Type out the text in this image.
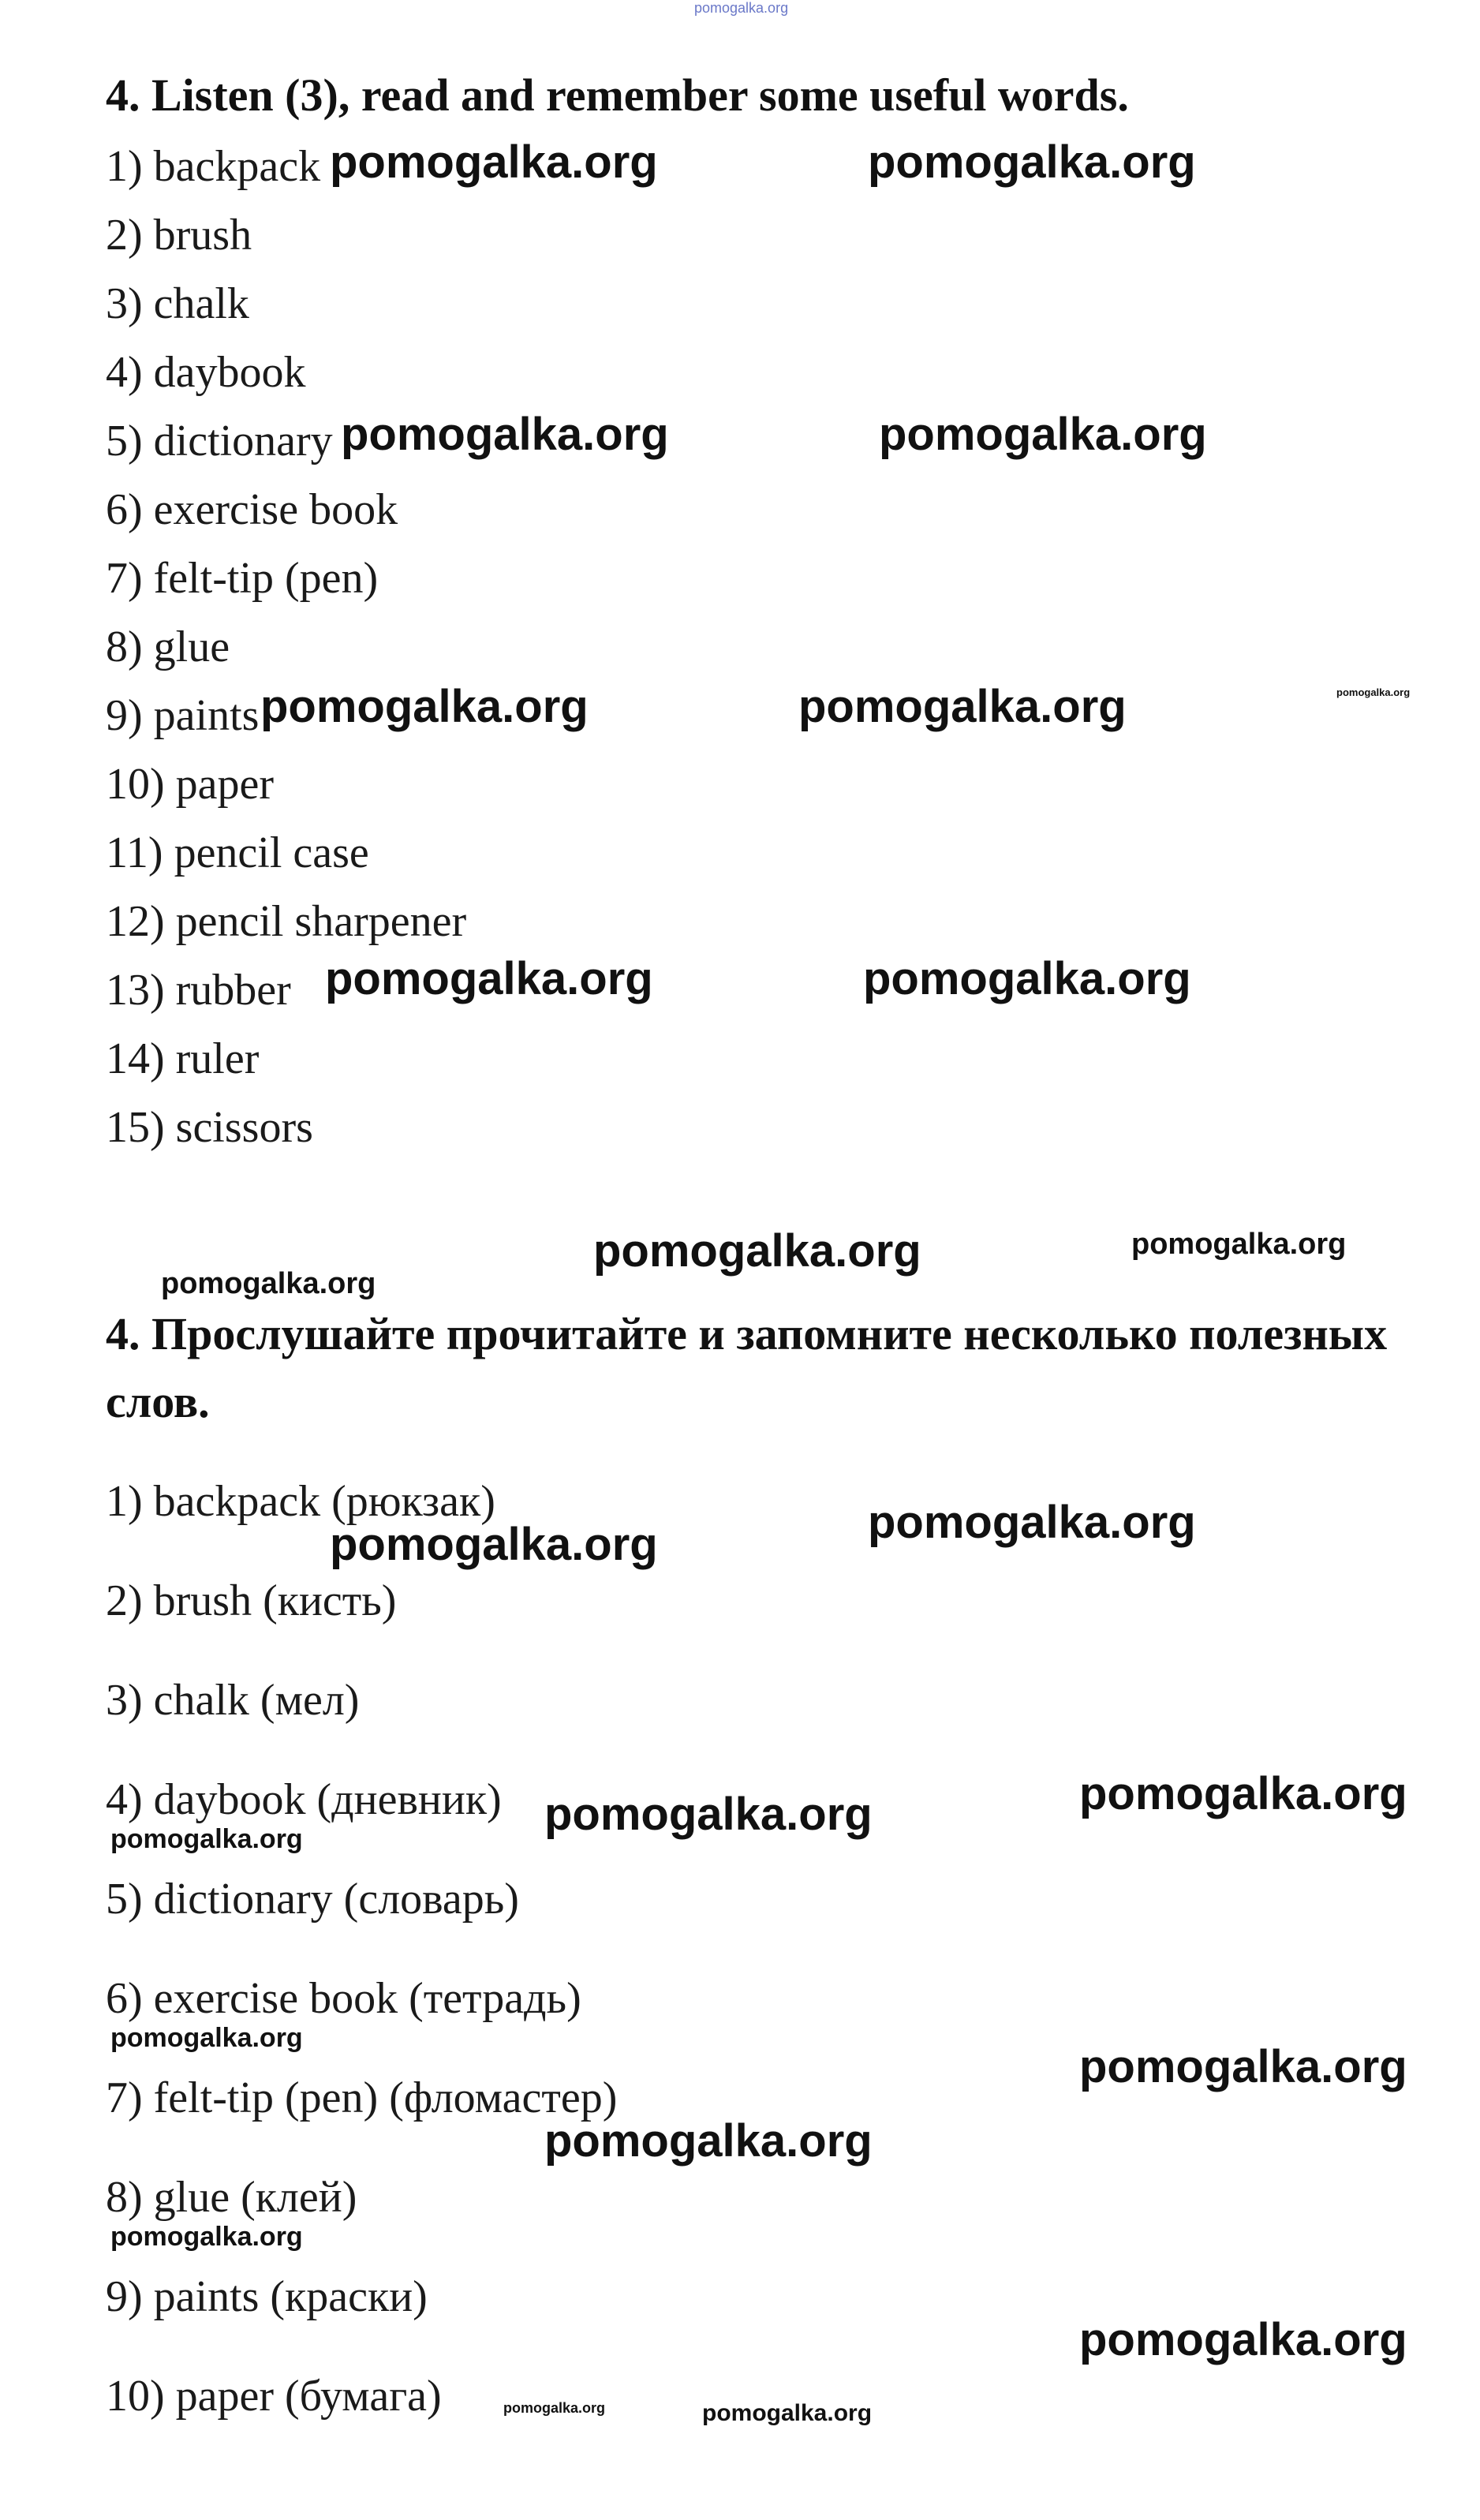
pomogalka.org
4. Listen (3), read and remember some useful words.
1) backpack
2) brush
3) chalk
4) daybook
5) dictionary
6) exercise book
7) felt-tip (pen)
8) glue
9) paints
10) paper
11) pencil case
12) pencil sharpener
13) rubber
14) ruler
15) scissors
pomogalka.org	pomogalka.org
pomogalka.org	pomogalka.org
pomogalka.org	pomogalka.org	pomogalka.org
pomogalka.org	pomogalka.org
pomogalka.org	pomogalka.org
pomogalka.org
4. Прослушайте прочитайте и запомните несколько полезных
слов.
1) backpack (рюкзак)
2) brush (кисть)
3) chalk (мел)
4) daybook (дневник)
5) dictionary (словарь)
6) exercise book (тетрадь)
7) felt-tip (pen) (фломастер)
8) glue (клей)
9) paints (краски)
10) paper (бумага)
pomogalka.org
pomogalka.org
pomogalka.org
pomogalka.org
pomogalka.org
pomogalka.org
pomogalka.org
pomogalka.org
pomogalka.org
pomogalka.org
pomogalka.org	pomogalka.org
